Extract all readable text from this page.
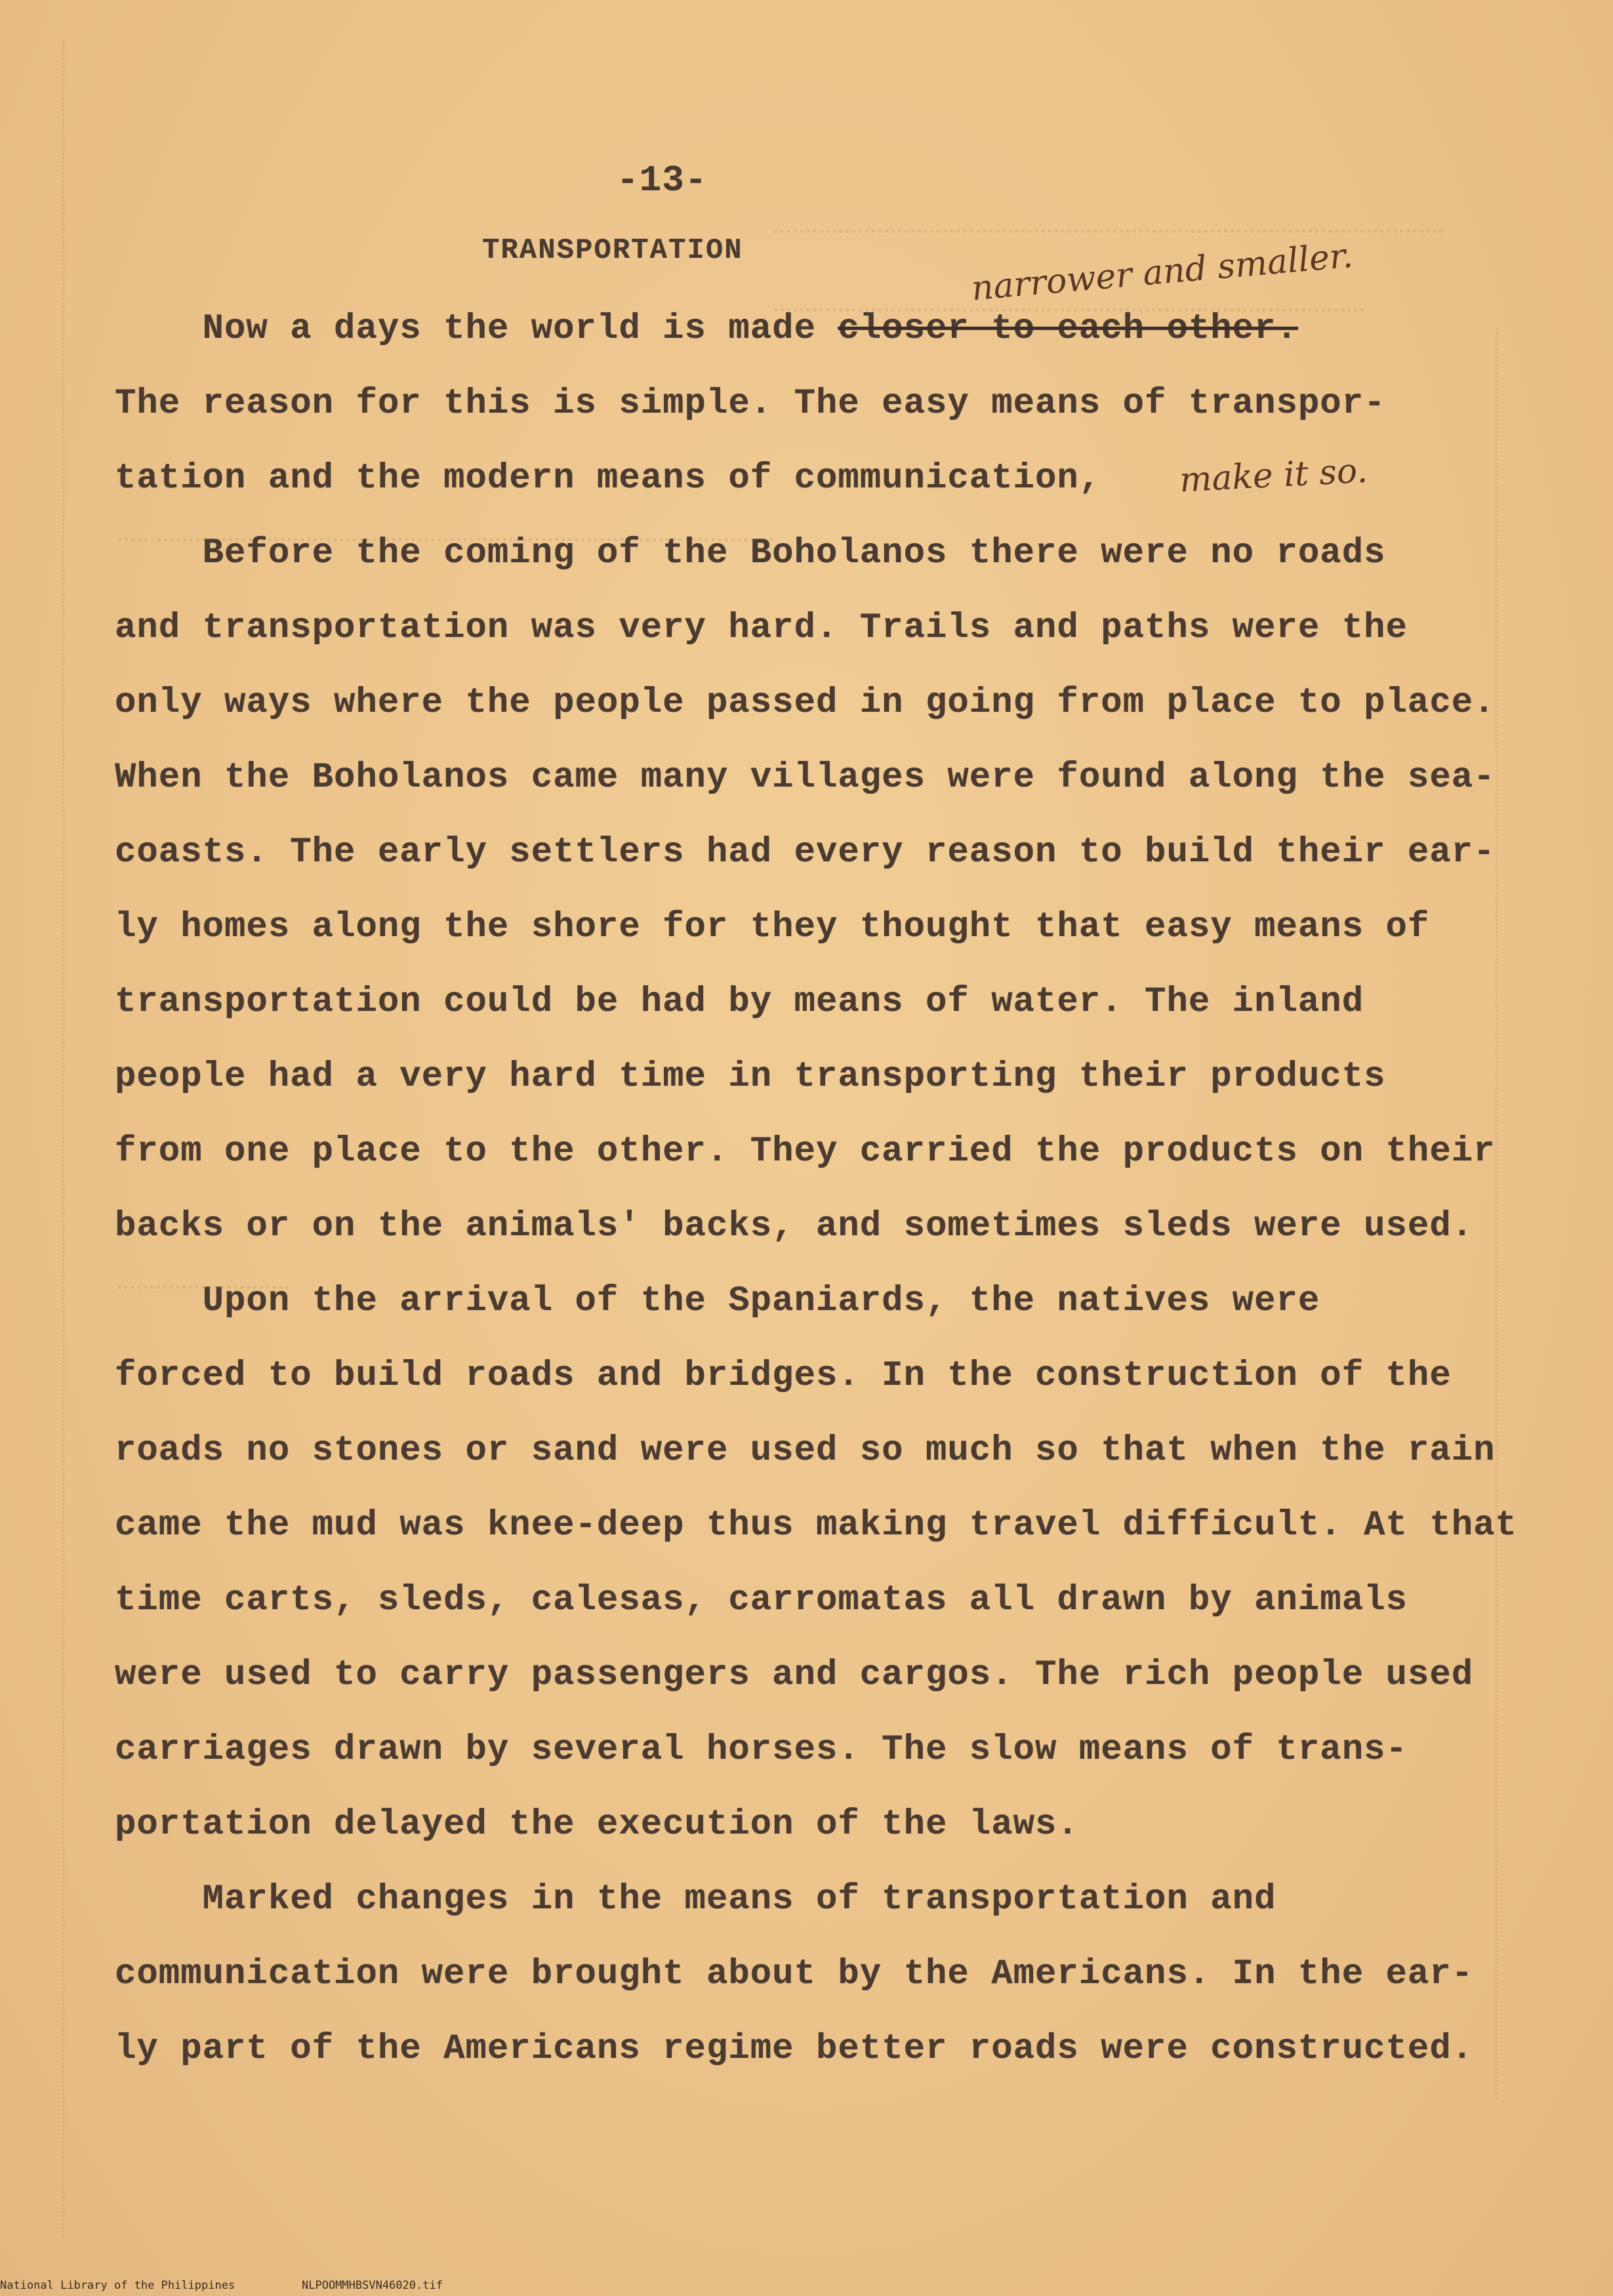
-13-
TRANSPORTATION
Now a days the world is made closer to each other.
narrower and smaller.
The reason for this is simple. The easy means of transpor-
tation and the modern means of communication, make it so.
Before the coming of the Boholanos there were no roads
and transportation was very hard. Trails and paths were the
only ways where the people passed in going from place to place.
When the Boholanos came many villages were found along the sea-
coasts. The early settlers had every reason to build their ear-
ly homes along the shore for they thought that easy means of
transportation could be had by means of water. The inland
people had a very hard time in transporting their products
from one place to the other. They carried the products on their
backs or on the animals' backs, and sometimes sleds were used.
Upon the arrival of the Spaniards, the natives were
forced to build roads and bridges. In the construction of the
roads no stones or sand were used so much so that when the rain
came the mud was knee-deep thus making travel difficult. At that
time carts, sleds, calesas, carromatas all drawn by animals
were used to carry passengers and cargos. The rich people used
carriages drawn by several horses. The slow means of trans-
portation delayed the execution of the laws.
Marked changes in the means of transportation and
communication were brought about by the Americans. In the ear-
ly part of the Americans regime better roads were constructed.
National Library of the Philippines	NLPOOMMHBSVN46020.tif
